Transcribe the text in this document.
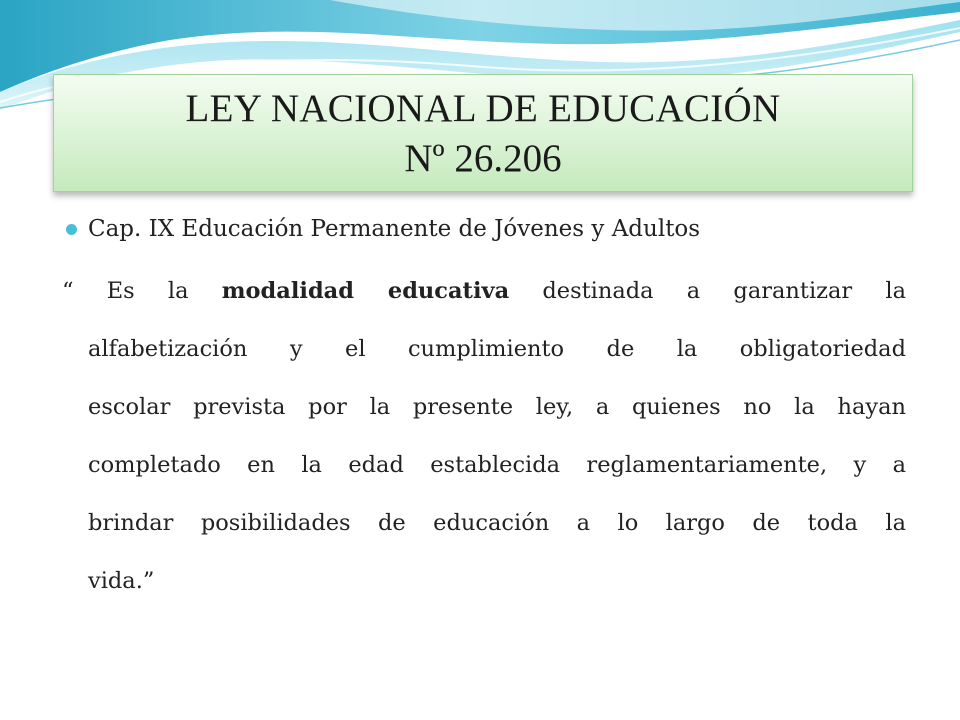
LEY NACIONAL DE EDUCACIÓN
Nº 26.206
Cap. IX Educación Permanente de Jóvenes y Adultos
“ Es la modalidad educativa destinada a garantizar la
alfabetización y el cumplimiento de la obligatoriedad
escolar prevista por la presente ley, a quienes no la hayan
completado en la edad establecida reglamentariamente, y a
brindar posibilidades de educación a lo largo de toda la
vida.”
